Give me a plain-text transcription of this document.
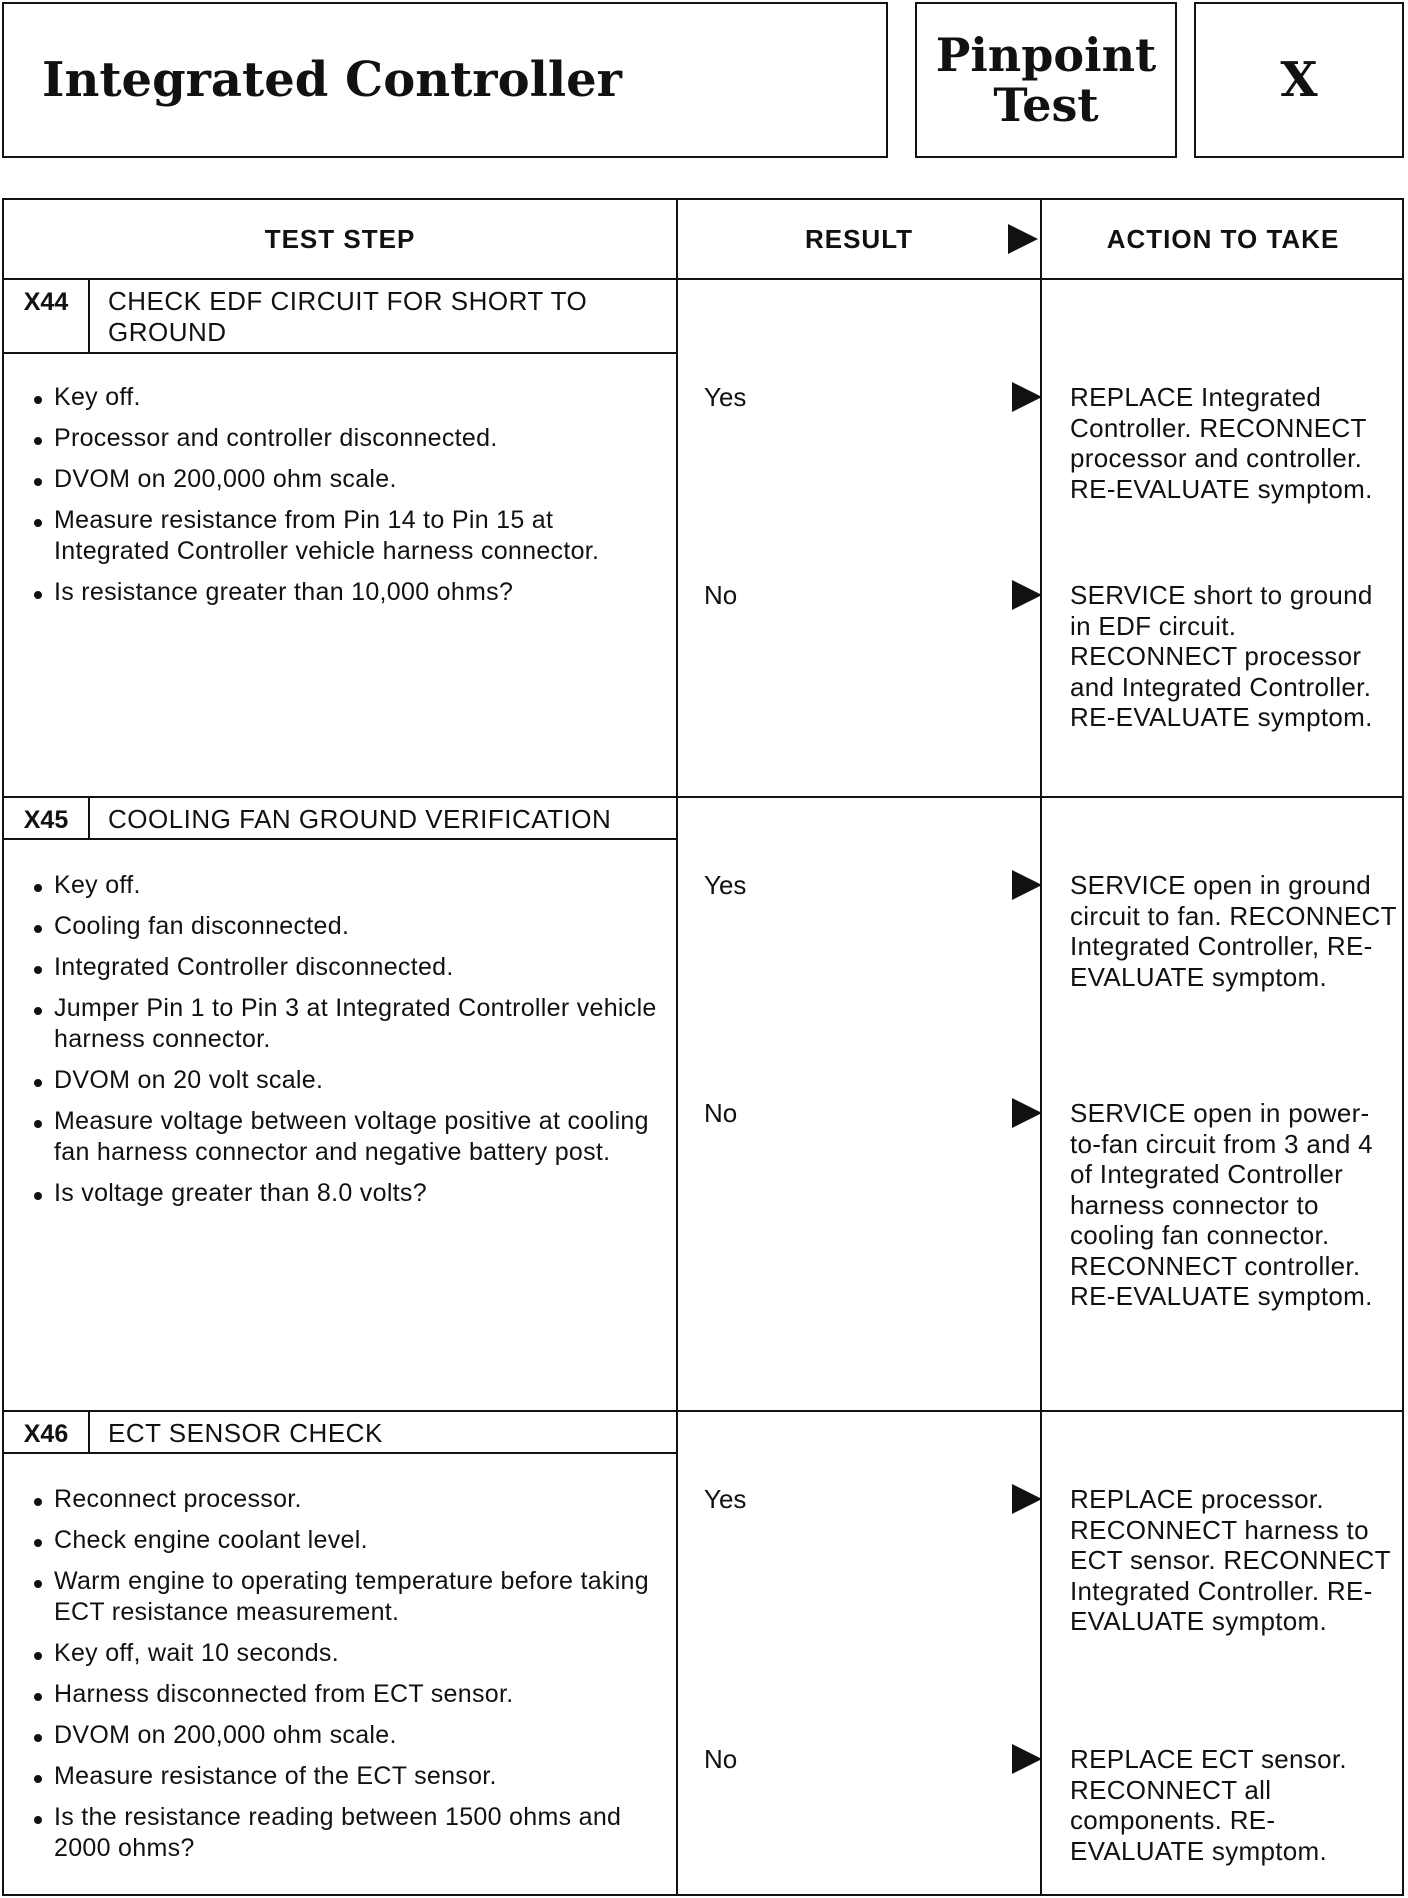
Integrated Controller	Pinpoint
Test	X
TEST STEP	RESULT	ACTION TO TAKE
X44	CHECK EDF CIRCUIT FOR SHORT TO GROUND
Key off.
Processor and controller disconnected.
DVOM on 200,000 ohm scale.
Measure resistance from Pin 14 to Pin 15 at Integrated Controller vehicle harness connector.
Is resistance greater than 10,000 ohms?
Yes	REPLACE Integrated Controller. RECONNECT processor and controller. RE-EVALUATE symptom.
No	SERVICE short to ground in EDF circuit. RECONNECT processor and Integrated Controller. RE-EVALUATE symptom.
X45	COOLING FAN GROUND VERIFICATION
Key off.
Cooling fan disconnected.
Integrated Controller disconnected.
Jumper Pin 1 to Pin 3 at Integrated Controller vehicle harness connector.
DVOM on 20 volt scale.
Measure voltage between voltage positive at cooling fan harness connector and negative battery post.
Is voltage greater than 8.0 volts?
Yes	SERVICE open in ground circuit to fan. RECONNECT Integrated Controller, RE-EVALUATE symptom.
No	SERVICE open in power-to-fan circuit from 3 and 4 of Integrated Controller harness connector to cooling fan connector. RECONNECT controller. RE-EVALUATE symptom.
X46	ECT SENSOR CHECK
Reconnect processor.
Check engine coolant level.
Warm engine to operating temperature before taking ECT resistance measurement.
Key off, wait 10 seconds.
Harness disconnected from ECT sensor.
DVOM on 200,000 ohm scale.
Measure resistance of the ECT sensor.
Is the resistance reading between 1500 ohms and 2000 ohms?
Yes	REPLACE processor. RECONNECT harness to ECT sensor. RECONNECT Integrated Controller. RE-EVALUATE symptom.
No	REPLACE ECT sensor. RECONNECT all components. RE-EVALUATE symptom.
